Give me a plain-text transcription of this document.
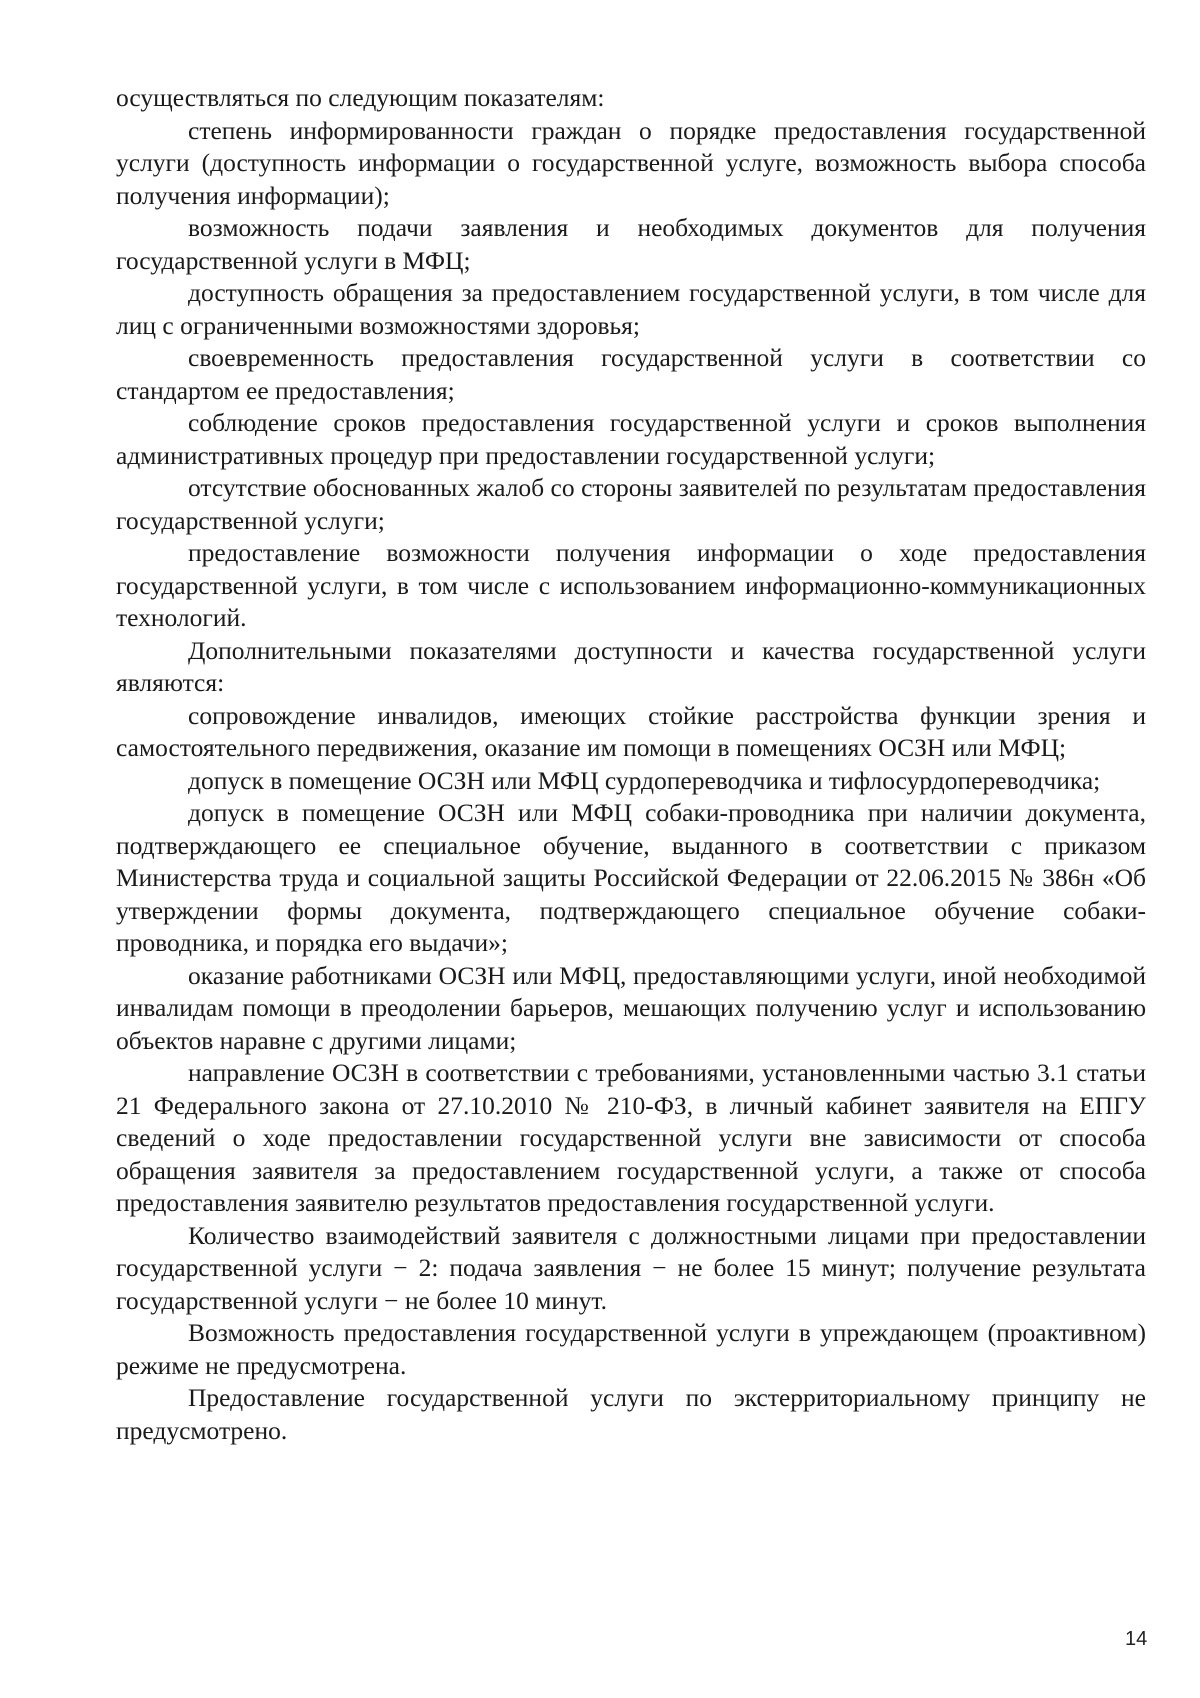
осуществляться по следующим показателям:

степень информированности граждан о порядке предоставления государственной услуги (доступность информации о государственной услуге, возможность выбора способа получения информации);

возможность подачи заявления и необходимых документов для получения государственной услуги в МФЦ;

доступность обращения за предоставлением государственной услуги, в том числе для лиц с ограниченными возможностями здоровья;

своевременность предоставления государственной услуги в соответствии со стандартом ее предоставления;

соблюдение сроков предоставления государственной услуги и сроков выполнения административных процедур при предоставлении государственной услуги;

отсутствие обоснованных жалоб со стороны заявителей по результатам предоставления государственной услуги;

предоставление возможности получения информации о ходе предоставления государственной услуги, в том числе с использованием информационно-коммуникационных технологий.

Дополнительными показателями доступности и качества государственной услуги являются:

сопровождение инвалидов, имеющих стойкие расстройства функции зрения и самостоятельного передвижения, оказание им помощи в помещениях ОСЗН или МФЦ;

допуск в помещение ОСЗН или МФЦ сурдопереводчика и тифлосурдопереводчика;

допуск в помещение ОСЗН или МФЦ собаки-проводника при наличии документа, подтверждающего ее специальное обучение, выданного в соответствии с приказом Министерства труда и социальной защиты Российской Федерации от 22.06.2015 № 386н «Об утверждении формы документа, подтверждающего специальное обучение собаки-проводника, и порядка его выдачи»;

оказание работниками ОСЗН или МФЦ, предоставляющими услуги, иной необходимой инвалидам помощи в преодолении барьеров, мешающих получению услуг и использованию объектов наравне с другими лицами;

направление ОСЗН в соответствии с требованиями, установленными частью 3.1 статьи 21 Федерального закона от 27.10.2010 № 210-ФЗ, в личный кабинет заявителя на ЕПГУ сведений о ходе предоставлении государственной услуги вне зависимости от способа обращения заявителя за предоставлением государственной услуги, а также от способа предоставления заявителю результатов предоставления государственной услуги.

Количество взаимодействий заявителя с должностными лицами при предоставлении государственной услуги − 2: подача заявления − не более 15 минут; получение результата государственной услуги − не более 10 минут.

Возможность предоставления государственной услуги в упреждающем (проактивном) режиме не предусмотрена.

Предоставление государственной услуги по экстерриториальному принципу не предусмотрено.

14
